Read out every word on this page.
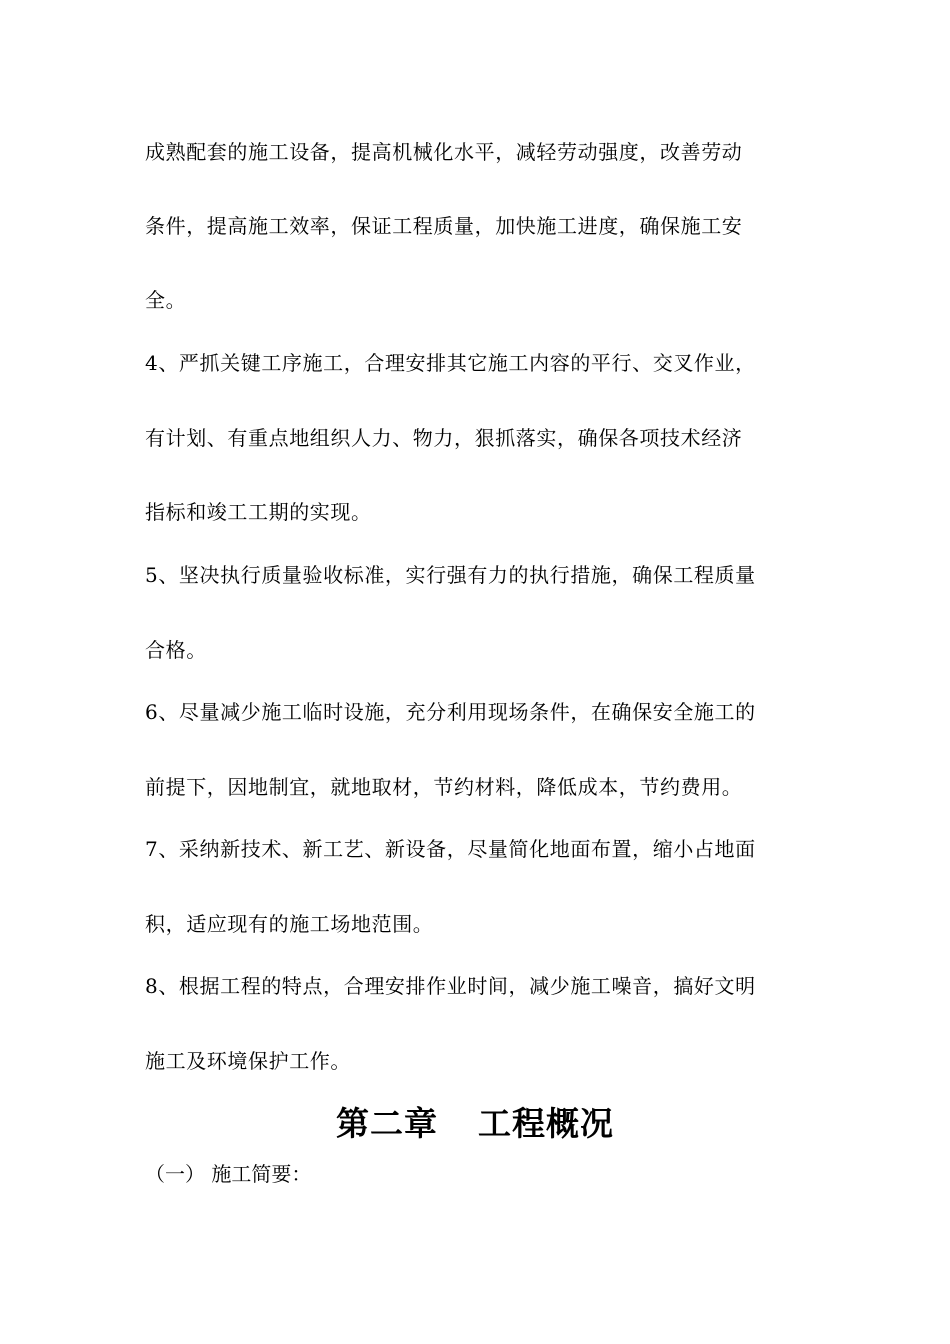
成熟配套的施工设备，提高机械化水平，减轻劳动强度，改善劳动
条件，提高施工效率，保证工程质量，加快施工进度，确保施工安
全。
4、严抓关键工序施工，合理安排其它施工内容的平行、交叉作业，
有计划、有重点地组织人力、物力，狠抓落实，确保各项技术经济
指标和竣工工期的实现。
5、坚决执行质量验收标准，实行强有力的执行措施，确保工程质量
合格。
6、尽量减少施工临时设施，充分利用现场条件，在确保安全施工的
前提下，因地制宜，就地取材，节约材料，降低成本，节约费用。
7、采纳新技术、新工艺、新设备，尽量简化地面布置，缩小占地面
积，适应现有的施工场地范围。
8、根据工程的特点，合理安排作业时间，减少施工噪音，搞好文明
施工及环境保护工作。
第二章 工程概况
（一） 施工简要：
